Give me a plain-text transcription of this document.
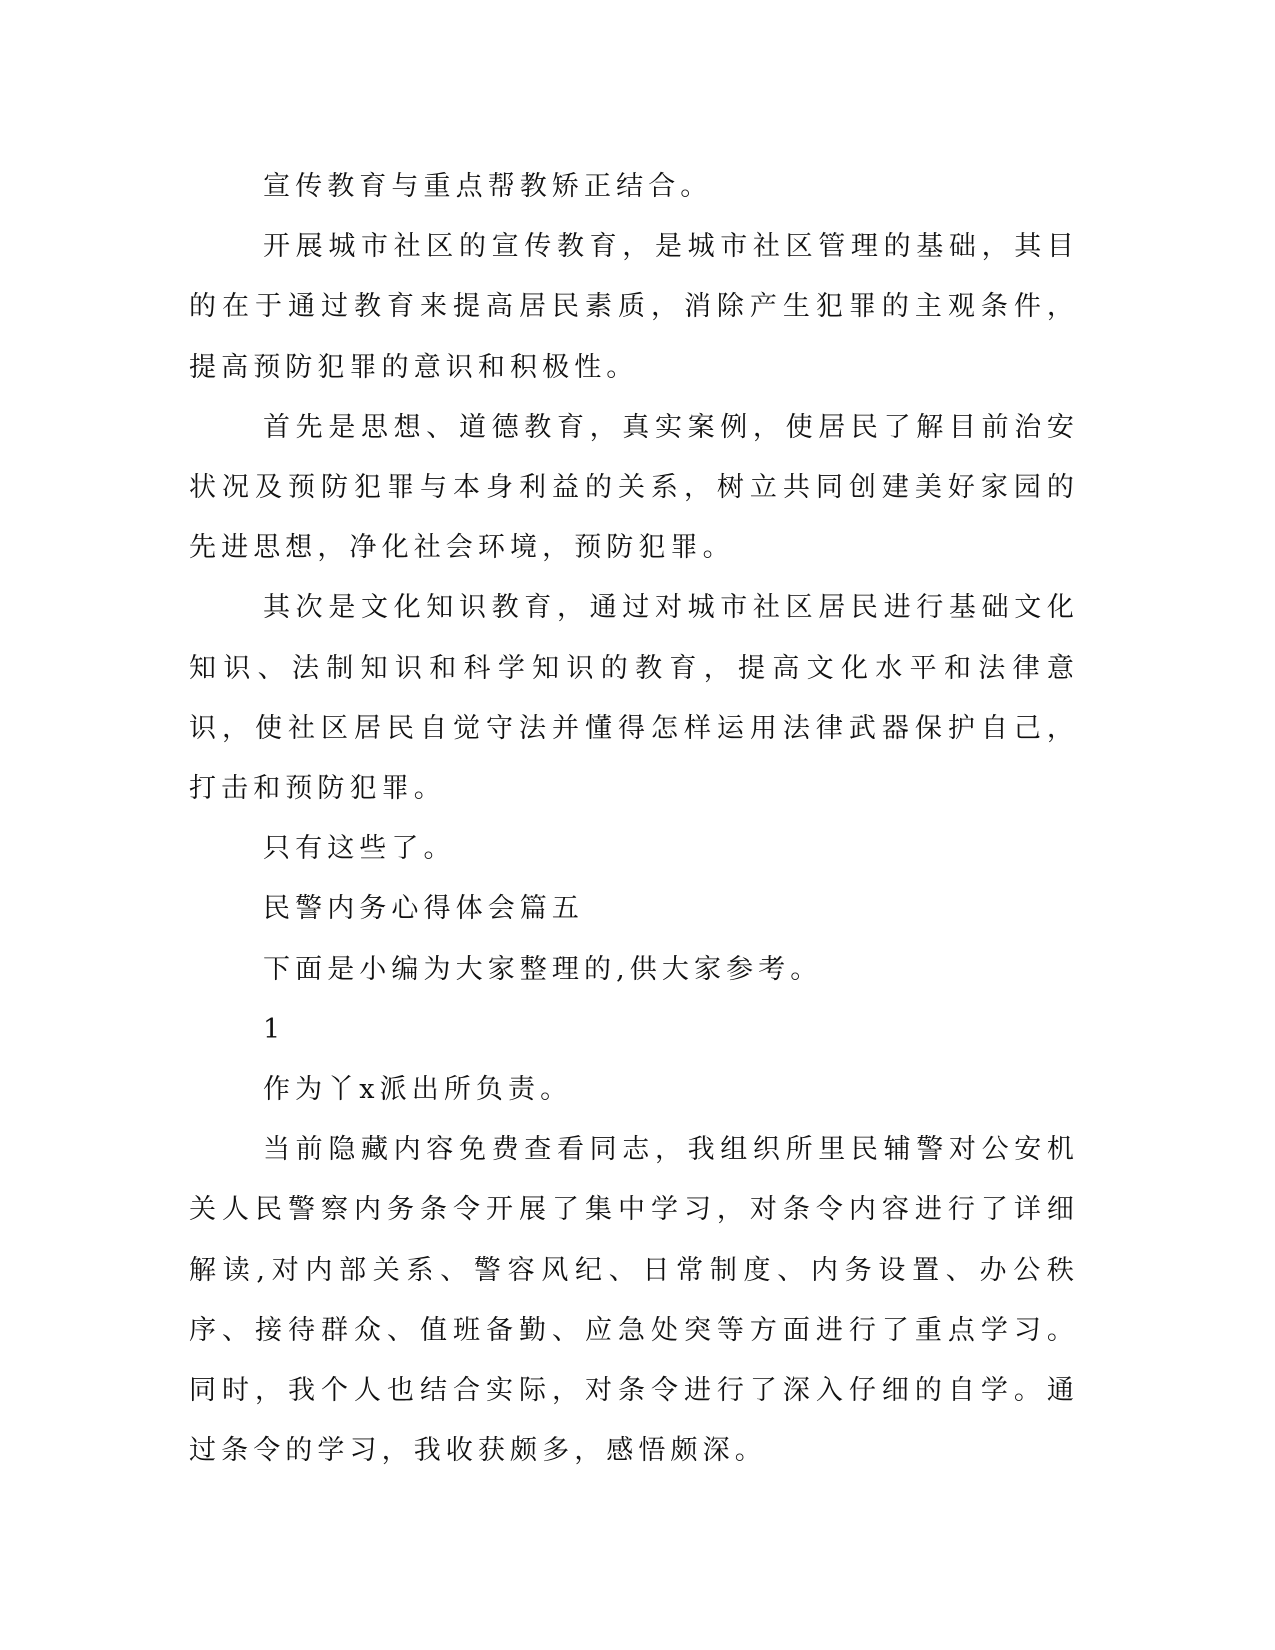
宣传教育与重点帮教矫正结合。

开展城市社区的宣传教育，是城市社区管理的基础，其目的在于通过教育来提高居民素质，消除产生犯罪的主观条件，提高预防犯罪的意识和积极性。

首先是思想、道德教育，真实案例，使居民了解目前治安状况及预防犯罪与本身利益的关系，树立共同创建美好家园的先进思想，净化社会环境，预防犯罪。

其次是文化知识教育，通过对城市社区居民进行基础文化知识、法制知识和科学知识的教育，提高文化水平和法律意识，使社区居民自觉守法并懂得怎样运用法律武器保护自己，打击和预防犯罪。

只有这些了。

民警内务心得体会篇五

下面是小编为大家整理的,供大家参考。

1

作为丫x派出所负责。

当前隐藏内容免费查看同志，我组织所里民辅警对公安机关人民警察内务条令开展了集中学习，对条令内容进行了详细解读,对内部关系、警容风纪、日常制度、内务设置、办公秩序、接待群众、值班备勤、应急处突等方面进行了重点学习。同时，我个人也结合实际，对条令进行了深入仔细的自学。通过条令的学习，我收获颇多，感悟颇深。
